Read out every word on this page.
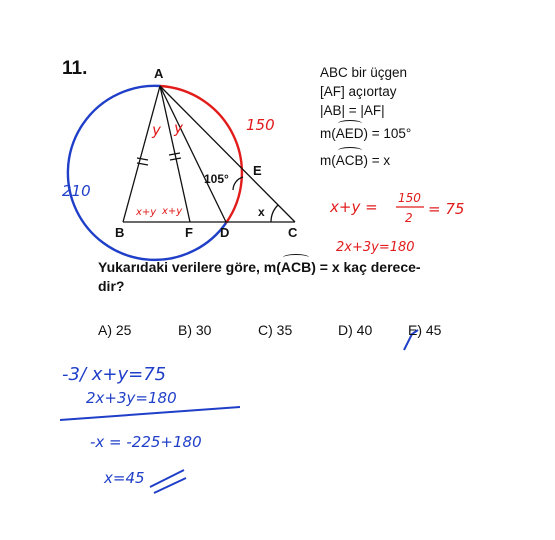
11.	A
B	F D	C
E
105°
x
210
150
y y
x+y x+y	x+y = 150
2 = 75
2x+3y=180
-3/ x+y=75
2x+3y=180
-x = -225+180
x=45
ABC bir üçgen
[AF] açıortay
|AB| = |AF|
m(AED) = 105°
m(ACB) = x
Yukarıdaki verilere göre, m(ACB) = x kaç derece-
dir?
A) 25	B) 30	C) 35	D) 40	E) 45
